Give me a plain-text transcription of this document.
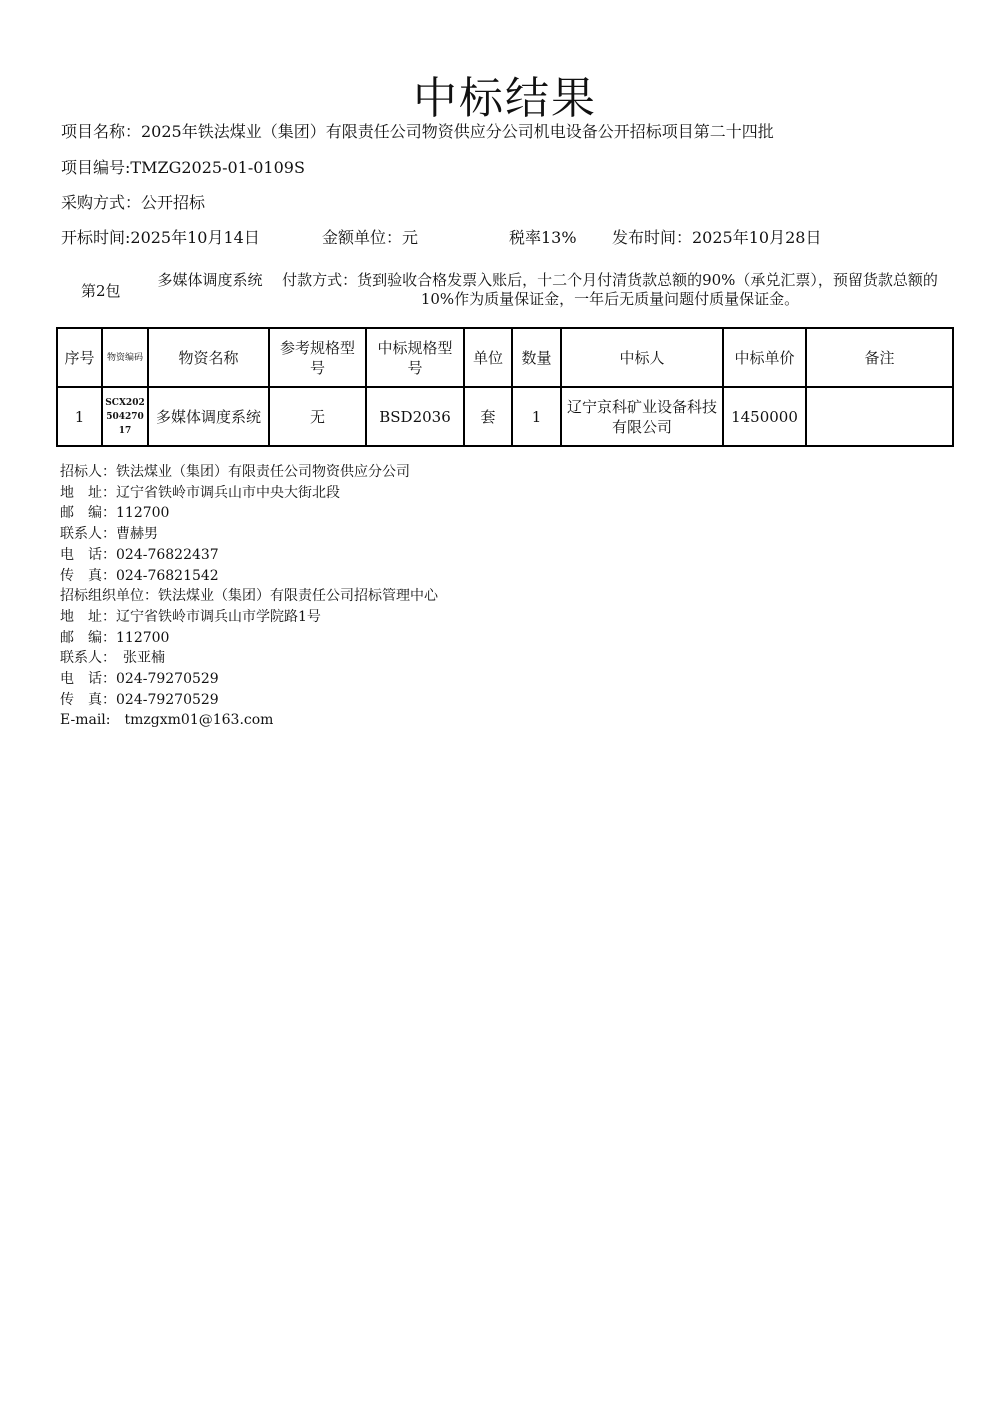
中标结果
项目名称：2025年铁法煤业（集团）有限责任公司物资供应分公司机电设备公开招标项目第二十四批
项目编号:TMZG2025-01-0109S
采购方式：公开招标
开标时间:2025年10月14日	金额单位：元	税率13% 发布时间：2025年10月28日
第2包
多媒体调度系统	付款方式：货到验收合格发票入账后，十二个月付清货款总额的90%（承兑汇票），预留货款总额的10%作为质量保证金，一年后无质量问题付质量保证金。
序号	物资编码	物资名称	参考规格型号	中标规格型号	单位	数量	中标人	中标单价	备注
1	SCX20250427017	多媒体调度系统	无	BSD2036	套	1	辽宁京科矿业设备科技有限公司	1450000	
招标人：铁法煤业（集团）有限责任公司物资供应分公司
地　址：辽宁省铁岭市调兵山市中央大街北段
邮　编：112700
联系人：曹赫男
电　话：024-76822437
传　真：024-76821542
招标组织单位：铁法煤业（集团）有限责任公司招标管理中心
地　址：辽宁省铁岭市调兵山市学院路1号
邮　编：112700
联系人：　张亚楠
电　话：024-79270529
传　真：024-79270529
E-mail:　tmzgxm01@163.com
